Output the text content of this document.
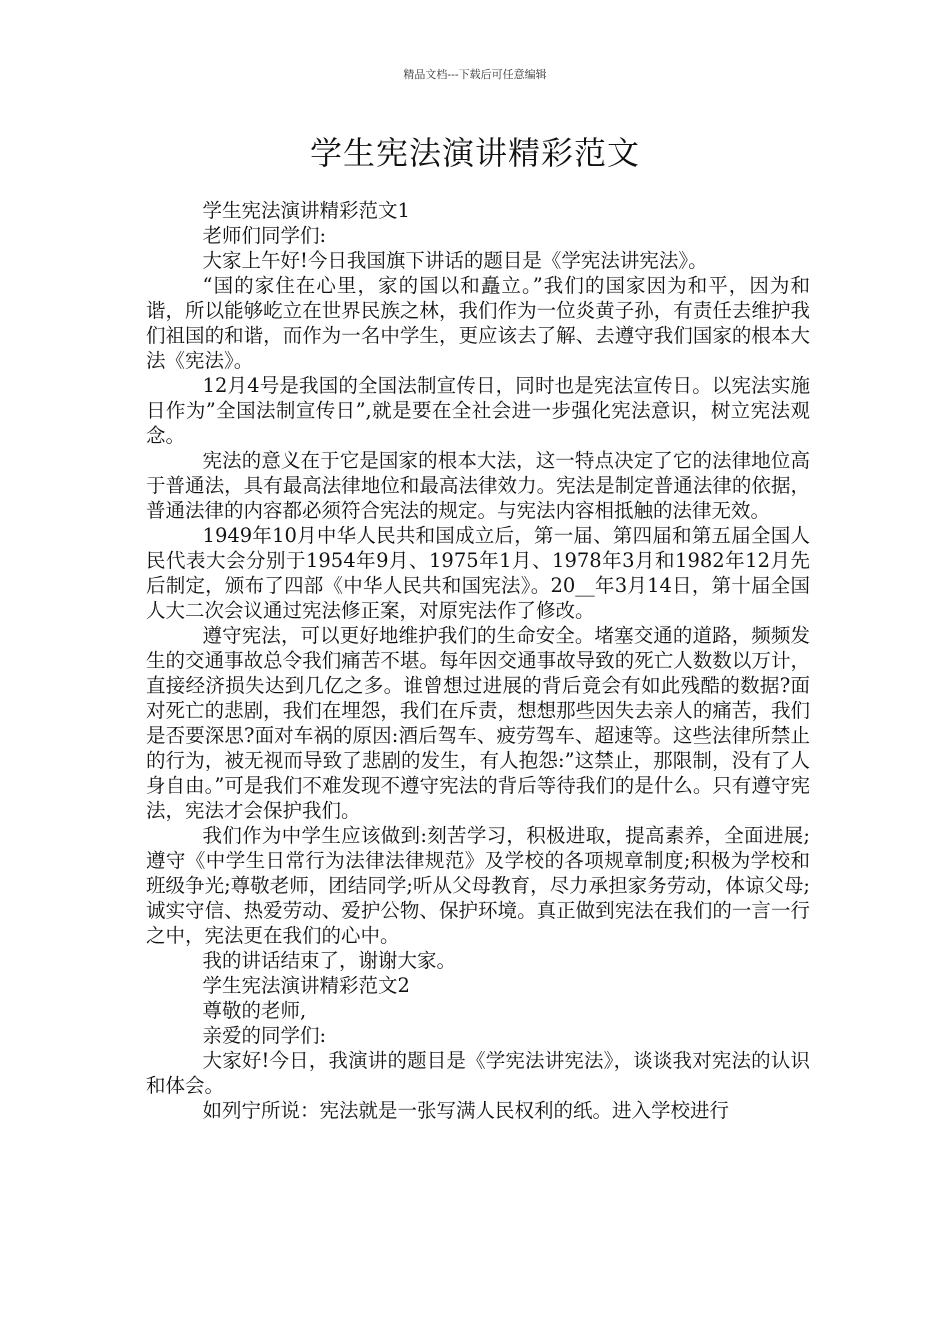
精品文档---下载后可任意编辑
学生宪法演讲精彩范文

学生宪法演讲精彩范文1

老师们同学们:

大家上午好!今日我国旗下讲话的题目是《学宪法讲宪法》。

“国的家住在心里，家的国以和矗立。”我们的国家因为和平，因为和谐，所以能够屹立在世界民族之林，我们作为一位炎黄子孙，有责任去维护我们祖国的和谐，而作为一名中学生，更应该去了解、去遵守我们国家的根本大法《宪法》。

12月4号是我国的全国法制宣传日，同时也是宪法宣传日。以宪法实施日作为”全国法制宣传日”,就是要在全社会进一步强化宪法意识，树立宪法观念。

宪法的意义在于它是国家的根本大法，这一特点决定了它的法律地位高于普通法，具有最高法律地位和最高法律效力。宪法是制定普通法律的依据，普通法律的内容都必须符合宪法的规定。与宪法内容相抵触的法律无效。

1949年10月中华人民共和国成立后，第一届、第四届和第五届全国人民代表大会分别于1954年9月、1975年1月、1978年3月和1982年12月先后制定，颁布了四部《中华人民共和国宪法》。20__年3月14日，第十届全国人大二次会议通过宪法修正案，对原宪法作了修改。

遵守宪法，可以更好地维护我们的生命安全。堵塞交通的道路，频频发生的交通事故总令我们痛苦不堪。每年因交通事故导致的死亡人数数以万计，直接经济损失达到几亿之多。谁曾想过进展的背后竟会有如此残酷的数据?面对死亡的悲剧，我们在埋怨，我们在斥责，想想那些因失去亲人的痛苦，我们是否要深思?面对车祸的原因:酒后驾车、疲劳驾车、超速等。这些法律所禁止的行为，被无视而导致了悲剧的发生，有人抱怨:”这禁止，那限制，没有了人身自由。”可是我们不难发现不遵守宪法的背后等待我们的是什么。只有遵守宪法，宪法才会保护我们。

我们作为中学生应该做到:刻苦学习，积极进取，提高素养，全面进展;遵守《中学生日常行为法律法律规范》及学校的各项规章制度;积极为学校和班级争光;尊敬老师，团结同学;听从父母教育，尽力承担家务劳动，体谅父母;诚实守信、热爱劳动、爱护公物、保护环境。真正做到宪法在我们的一言一行之中，宪法更在我们的心中。

我的讲话结束了，谢谢大家。

学生宪法演讲精彩范文2

尊敬的老师,

亲爱的同学们:

大家好!今日，我演讲的题目是《学宪法讲宪法》，谈谈我对宪法的认识和体会。

如列宁所说：宪法就是一张写满人民权利的纸。进入学校进行
